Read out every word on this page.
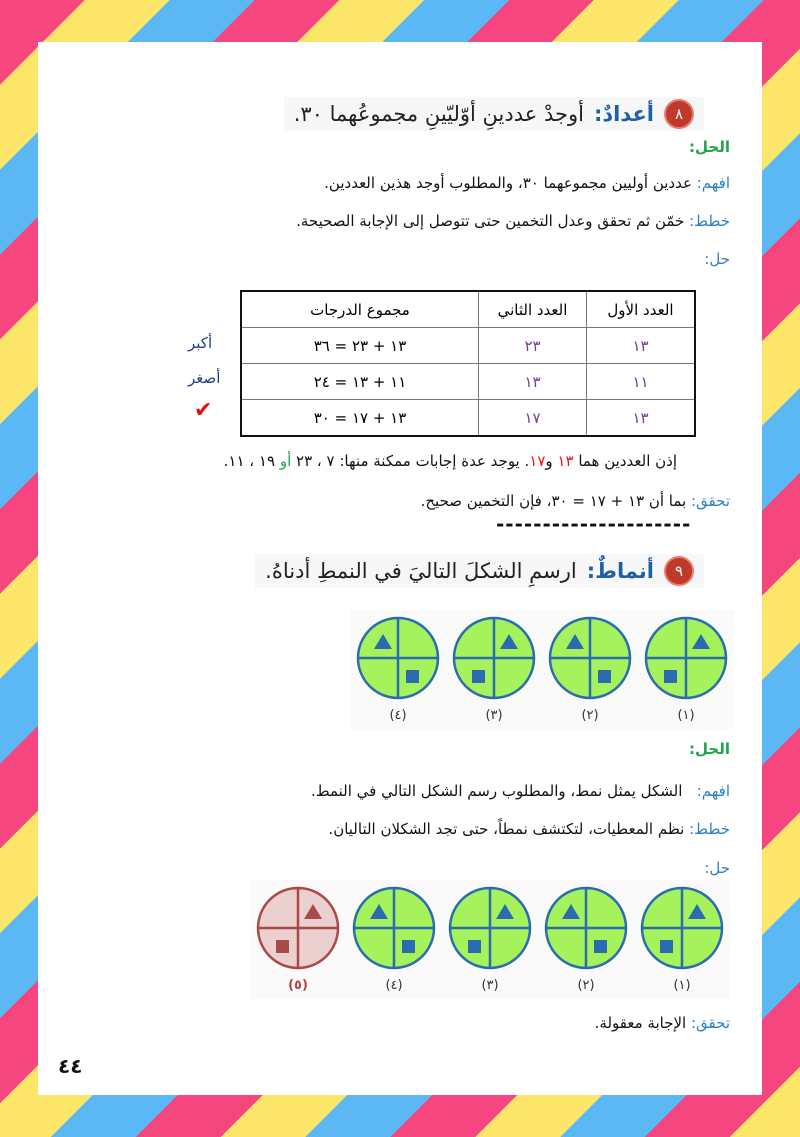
٨
أعدادٌ:
أوجدْ عددينِ أوّليّينِ مجموعُهما ٣٠.
الحل:
افهم: عددين أوليين مجموعهما ٣٠، والمطلوب أوجد هذين العددين.
خطط: خمّن ثم تحقق وعدل التخمين حتى تتوصل إلى الإجابة الصحيحة.
حل:
العدد الأول	العدد الثاني	مجموع الدرجات
١٣	٢٣	١٣ + ٢٣ = ٣٦
١١	١٣	١١ + ١٣ = ٢٤
١٣	١٧	١٣ + ١٧ = ٣٠
أكبر
أصغر
✔
إذن العددين هما ١٣ و١٧. يوجد عدة إجابات ممكنة منها: ٧ ، ٢٣ أو ١٩ ، ١١.
تحقق: بما أن ١٣ + ١٧ = ٣٠، فإن التخمين صحيح.
---------------------
٩
أنماطٌ:
ارسمِ الشكلَ التاليَ في النمطِ أدناهُ.
(١)
(٢)
(٣)
(٤)
الحل:
افهم:   الشكل يمثل نمط، والمطلوب رسم الشكل التالي في النمط.
خطط: نظم المعطيات، لتكتشف نمطاً، حتى تجد الشكلان التاليان.
حل:
(١)
(٢)
(٣)
(٤)
(٥)
تحقق: الإجابة معقولة.
٤٤
